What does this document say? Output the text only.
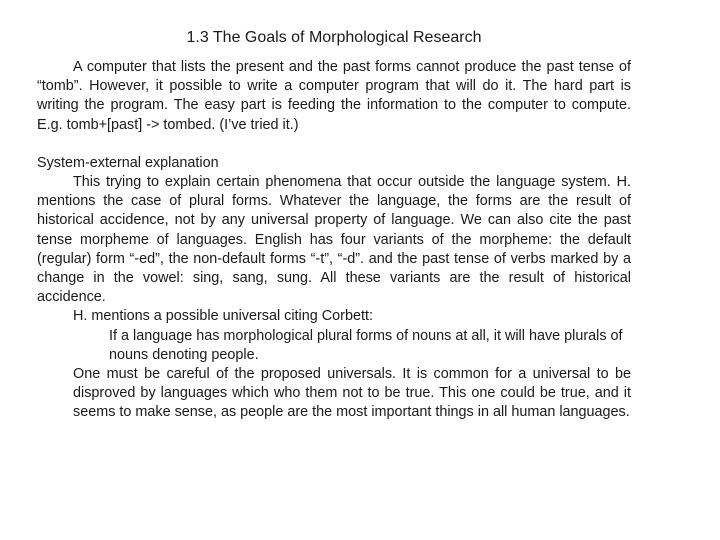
1.3 The Goals of Morphological Research

A computer that lists the present and the past forms cannot produce the past tense of “tomb”. However, it possible to write a computer program that will do it. The hard part is writing the program. The easy part is feeding the information to the computer to compute. E.g. tomb+[past] -> tombed. (I’ve tried it.)

System-external explanation

This trying to explain certain phenomena that occur outside the language system. H. mentions the case of plural forms. Whatever the language, the forms are the result of historical accidence, not by any universal property of language. We can also cite the past tense morpheme of languages. English has four variants of the morpheme: the default (regular) form “-ed”, the non-default forms “-t”, “-d”. and the past tense of verbs marked by a change in the vowel: sing, sang, sung. All these variants are the result of historical accidence.

H. mentions a possible universal citing Corbett:

If a language has morphological plural forms of nouns at all, it will have plurals of nouns denoting people.

One must be careful of the proposed universals. It is common for a universal to be disproved by languages which who them not to be true. This one could be true, and it seems to make sense, as people are the most important things in all human languages.
